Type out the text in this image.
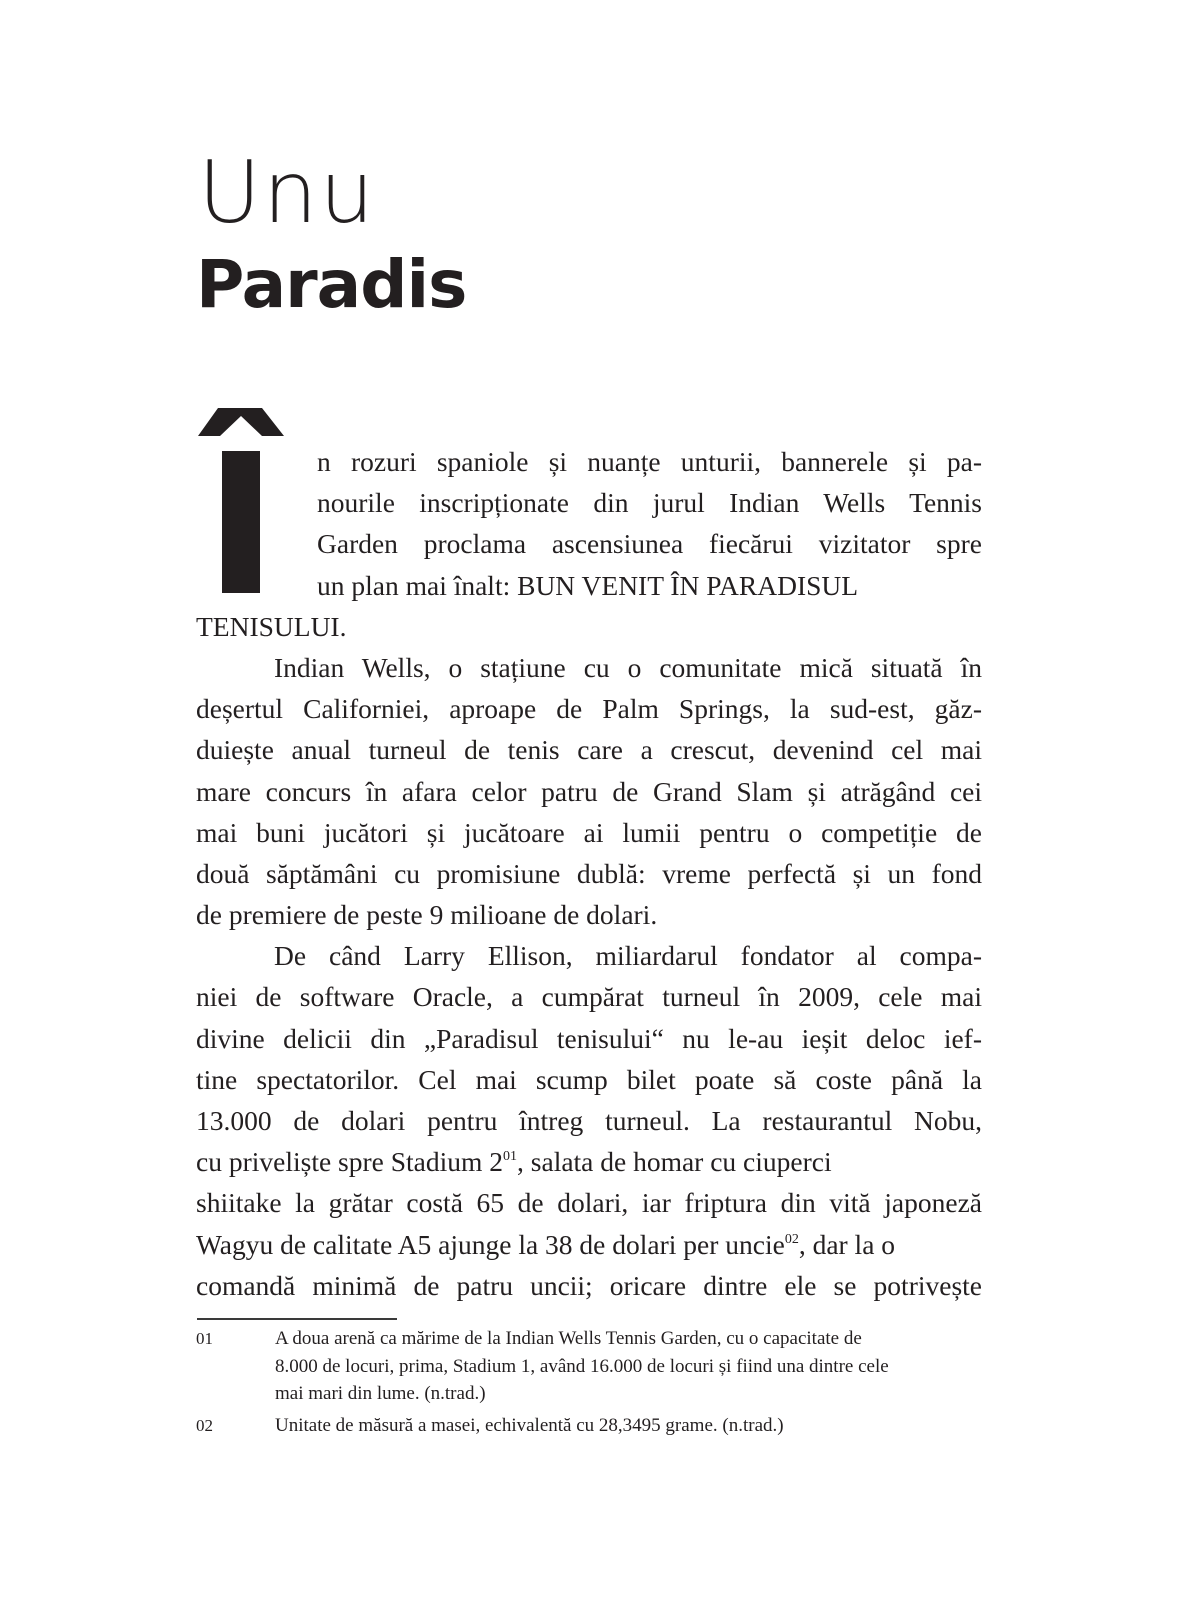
Unu
Paradis
n rozuri spaniole și nuanțe unturii, bannerele și pa-
nourile inscripționate din jurul Indian Wells Tennis
Garden proclama ascensiunea fiecărui vizitator spre
un plan mai înalt: BUN VENIT ÎN PARADISUL
TENISULUI.
Indian Wells, o stațiune cu o comunitate mică situată în
deșertul Californiei, aproape de Palm Springs, la sud-est, găz-
duiește anual turneul de tenis care a crescut, devenind cel mai
mare concurs în afara celor patru de Grand Slam și atrăgând cei
mai buni jucători și jucătoare ai lumii pentru o competiție de
două săptămâni cu promisiune dublă: vreme perfectă și un fond
de premiere de peste 9 milioane de dolari.
De când Larry Ellison, miliardarul fondator al compa-
niei de software Oracle, a cumpărat turneul în 2009, cele mai
divine delicii din „Paradisul tenisului“ nu le-au ieșit deloc ief-
tine spectatorilor. Cel mai scump bilet poate să coste până la
13.000 de dolari pentru întreg turneul. La restaurantul Nobu,
cu priveliște spre Stadium 2$^{01}$, salata de homar cu ciuperci
shiitake la grătar costă 65 de dolari, iar friptura din vită japoneză
Wagyu de calitate A5 ajunge la 38 de dolari per uncie$^{02}$, dar la o
comandă minimă de patru uncii; oricare dintre ele se potrivește
01	A doua arenă ca mărime de la Indian Wells Tennis Garden, cu o capacitate de
8.000 de locuri, prima, Stadium 1, având 16.000 de locuri și fiind una dintre cele
mai mari din lume. (n.trad.)
02	Unitate de măsură a masei, echivalentă cu 28,3495 grame. (n.trad.)
